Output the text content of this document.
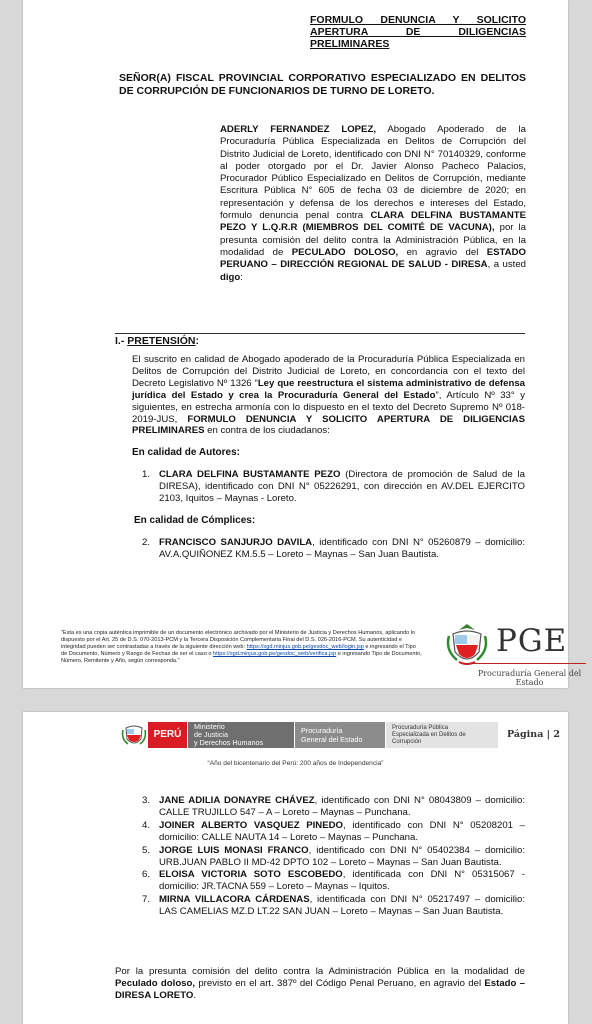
FORMULO DENUNCIA Y SOLICITO APERTURA DE DILIGENCIAS PRELIMINARES
SEÑOR(A) FISCAL PROVINCIAL CORPORATIVO ESPECIALIZADO EN DELITOS DE CORRUPCIÓN DE FUNCIONARIOS DE TURNO DE LORETO.
ADERLY FERNANDEZ LOPEZ, Abogado Apoderado de la Procuraduría Pública Especializada en Delitos de Corrupción del Distrito Judicial de Loreto, identificado con DNI N° 70140329, conforme al poder otorgado por el Dr. Javier Alonso Pacheco Palacios, Procurador Público Especializado en Delitos de Corrupción, mediante Escritura Pública N° 605 de fecha 03 de diciembre de 2020; en representación y defensa de los derechos e intereses del Estado, formulo denuncia penal contra CLARA DELFINA BUSTAMANTE PEZO Y L.Q.R.R (MIEMBROS DEL COMITÉ DE VACUNA), por la presunta comisión del delito contra la Administración Pública, en la modalidad de PECULADO DOLOSO, en agravio del ESTADO PERUANO – DIRECCIÓN REGIONAL DE SALUD - DIRESA, a usted digo:
I.- PRETENSIÓN:
El suscrito en calidad de Abogado apoderado de la Procuraduría Pública Especializada en Delitos de Corrupción del Distrito Judicial de Loreto, en concordancia con el texto del Decreto Legislativo Nº 1326 “Ley que reestructura el sistema administrativo de defensa jurídica del Estado y crea la Procuraduría General del Estado”, Artículo Nº 33° y siguientes, en estrecha armonía con lo dispuesto en el texto del Decreto Supremo Nº 018-2019-JUS, FORMULO DENUNCIA Y SOLICITO APERTURA DE DILIGENCIAS PRELIMINARES en contra de los ciudadanos:
En calidad de Autores:
1. CLARA DELFINA BUSTAMANTE PEZO (Directora de promoción de Salud de la DIRESA), identificado con DNI N° 05226291, con dirección en AV.DEL EJERCITO 2103, Iquitos – Maynas - Loreto.
En calidad de Cómplices:
2. FRANCISCO SANJURJO DAVILA, identificado con DNI N° 05260879 – domicilio: AV.A.QUIÑONEZ KM.5.5 – Loreto – Maynas – San Juan Bautista.
“Esta es una copia auténtica imprimible de un documento electrónico archivado por el Ministerio de Justicia y Derechos Humanos, aplicando lo dispuesto por el Art. 25 de D.S. 070-2013-PCM y la Tercera Disposición Complementaria Final del D.S. 026-2016-PCM. Su autenticidad e integridad pueden ser contrastadas a través de la siguiente dirección web: https://sgd.minjus.gob.pe/gesdoc_web/login.jsp e ingresando el Tipo de Documento, Número y Rango de Fechas de ser el caso o https://sgd.minjus.gob.pe/gesdoc_web/verifica.jsp e ingresando Tipo de Documento, Número, Remitente y Año, según corresponda.”
PGE
Procuraduría General del
Estado
PERÚ
Ministerio
de Justicia
y Derechos Humanos
Procuraduría
General del Estado
Procuraduría Pública
Especializada en Delitos de
Corrupción
Página | 2
“Año del bicentenario del Perú: 200 años de Independencia”
3. JANE ADILIA DONAYRE CHÁVEZ, identificado con DNI N° 08043809 – domicilio: CALLE TRUJILLO 547 – A – Loreto – Maynas – Punchana.
4. JOINER ALBERTO VASQUEZ PINEDO, identificado con DNI N° 05208201 – domicilio: CALLE NAUTA 14 – Loreto – Maynas – Punchana.
5. JORGE LUIS MONASI FRANCO, identificado con DNI N° 05402384 – domicilio: URB.JUAN PABLO II MD-42 DPTO 102 – Loreto – Maynas – San Juan Bautista.
6. ELOISA VICTORIA SOTO ESCOBEDO, identificada con DNI N° 05315067 - domicilio: JR.TACNA 559 – Loreto – Maynas – Iquitos.
7. MIRNA VILLACORA CÁRDENAS, identificada con DNI N° 05217497 – domicilio: LAS CAMELIAS MZ.D LT.22 SAN JUAN – Loreto – Maynas – San Juan Bautista.
Por la presunta comisión del delito contra la Administración Pública en la modalidad de Peculado doloso, previsto en el art. 387º del Código Penal Peruano, en agravio del Estado – DIRESA LORETO.
